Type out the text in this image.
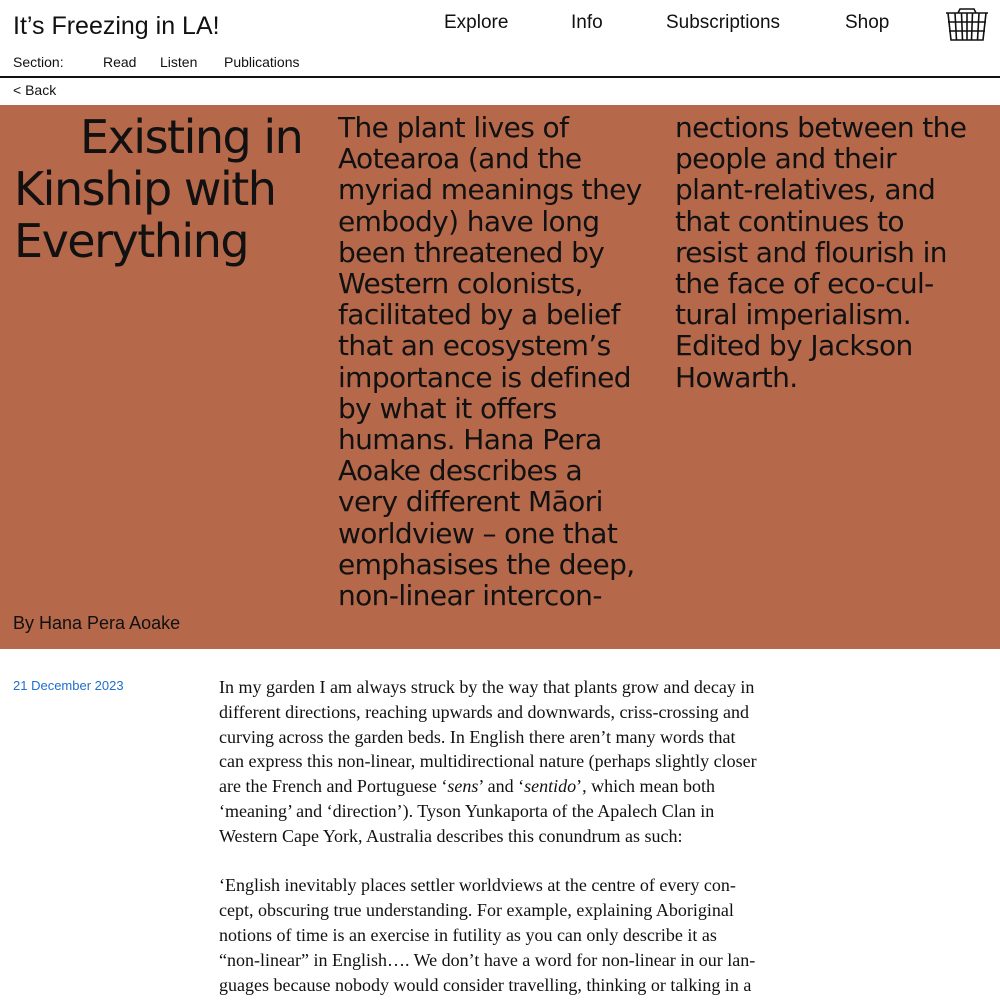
It’s Freezing in LA!	Explore	Info	Subscriptions	Shop
Section:	Read Listen Publications
< Back
Existing in
Kinship with
Everything
The plant lives of
Aotearoa (and the
myriad meanings they
embody) have long
been threatened by
Western colonists,
facilitated by a belief
that an ecosystem’s
importance is defined
by what it offers
humans. Hana Pera
Aoake describes a
very different Māori
worldview – one that
emphasises the deep,
non-linear intercon-
nections between the
people and their
plant-relatives, and
that continues to
resist and flourish in
the face of eco-cul-
tural imperialism.
Edited by Jackson
Howarth.
By Hana Pera Aoake
21 December 2023	In my garden I am always struck by the way that plants grow and decay in
different directions, reaching upwards and downwards, criss-crossing and
curving across the garden beds. In English there aren’t many words that
can express this non-linear, multidirectional nature (perhaps slightly closer
are the French and Portuguese ‘sens’ and ‘sentido’, which mean both
‘meaning’ and ‘direction’). Tyson Yunkaporta of the Apalech Clan in
Western Cape York, Australia describes this conundrum as such:

‘English inevitably places settler worldviews at the centre of every con-
cept, obscuring true understanding. For example, explaining Aboriginal
notions of time is an exercise in futility as you can only describe it as
“non-linear” in English…. We don’t have a word for non-linear in our lan-
guages because nobody would consider travelling, thinking or talking in a
